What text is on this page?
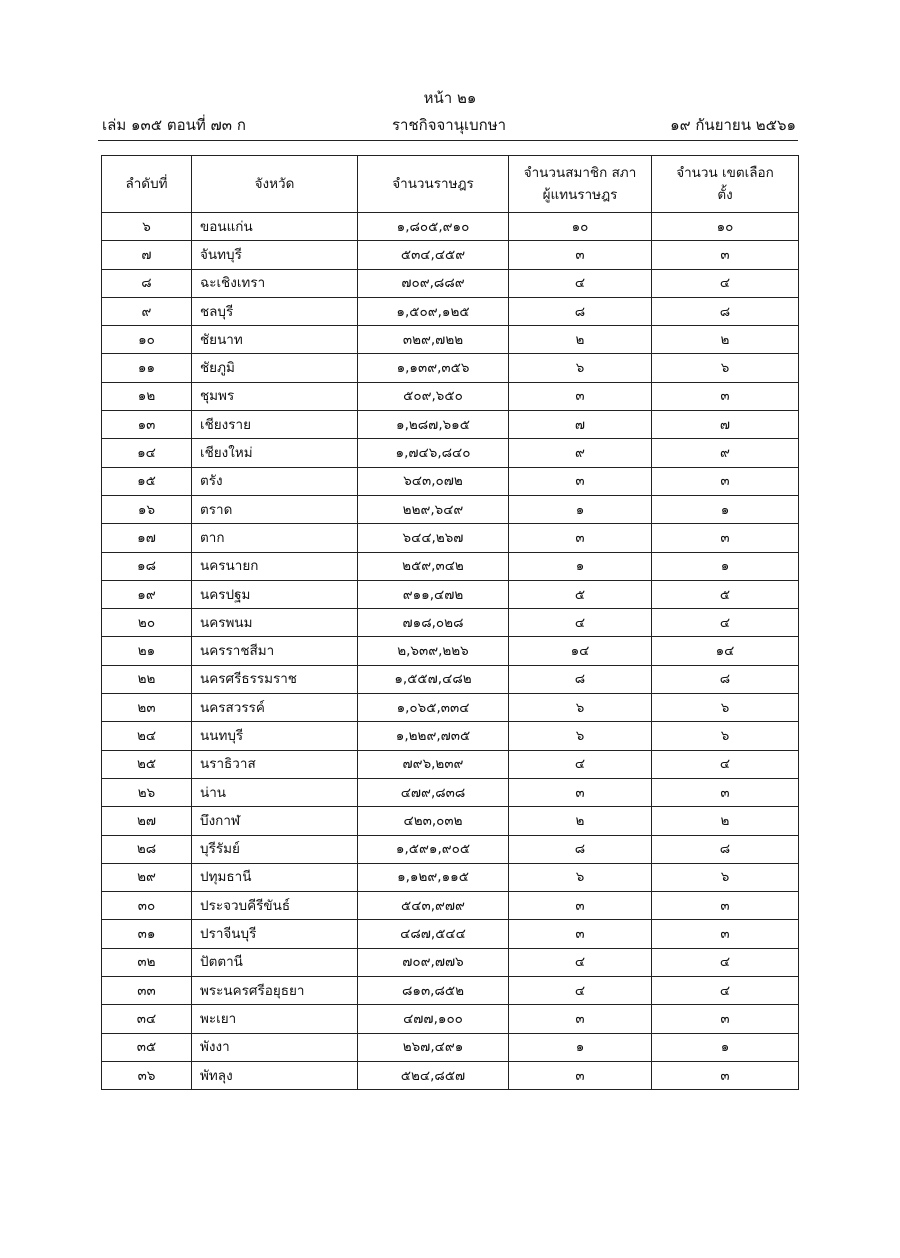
หน้า ๒๑
เล่ม ๑๓๕ ตอนที่ ๗๓ ก	ราชกิจจานุเบกษา	๑๙ กันยายน ๒๕๖๑
ลำดับที่	จังหวัด	จำนวนราษฎร	จำนวนสมาชิก สภาผู้แทนราษฎร	จำนวน เขตเลือกตั้ง

๖	ขอนแก่น	๑,๘๐๕,๙๑๐	๑๐	๑๐
๗	จันทบุรี	๕๓๔,๔๕๙	๓	๓
๘	ฉะเชิงเทรา	๗๐๙,๘๘๙	๔	๔
๙	ชลบุรี	๑,๕๐๙,๑๒๕	๘	๘
๑๐	ชัยนาท	๓๒๙,๗๒๒	๒	๒
๑๑	ชัยภูมิ	๑,๑๓๙,๓๕๖	๖	๖
๑๒	ชุมพร	๕๐๙,๖๕๐	๓	๓
๑๓	เชียงราย	๑,๒๘๗,๖๑๕	๗	๗
๑๔	เชียงใหม่	๑,๗๔๖,๘๔๐	๙	๙
๑๕	ตรัง	๖๔๓,๐๗๒	๓	๓
๑๖	ตราด	๒๒๙,๖๔๙	๑	๑
๑๗	ตาก	๖๔๔,๒๖๗	๓	๓
๑๘	นครนายก	๒๕๙,๓๔๒	๑	๑
๑๙	นครปฐม	๙๑๑,๔๗๒	๕	๕
๒๐	นครพนม	๗๑๘,๐๒๘	๔	๔
๒๑	นครราชสีมา	๒,๖๓๙,๒๒๖	๑๔	๑๔
๒๒	นครศรีธรรมราช	๑,๕๕๗,๔๘๒	๘	๘
๒๓	นครสวรรค์	๑,๐๖๕,๓๓๔	๖	๖
๒๔	นนทบุรี	๑,๒๒๙,๗๓๕	๖	๖
๒๕	นราธิวาส	๗๙๖,๒๓๙	๔	๔
๒๖	น่าน	๔๗๙,๘๓๘	๓	๓
๒๗	บึงกาฬ	๔๒๓,๐๓๒	๒	๒
๒๘	บุรีรัมย์	๑,๕๙๑,๙๐๕	๘	๘
๒๙	ปทุมธานี	๑,๑๒๙,๑๑๕	๖	๖
๓๐	ประจวบคีรีขันธ์	๕๔๓,๙๗๙	๓	๓
๓๑	ปราจีนบุรี	๔๘๗,๕๔๔	๓	๓
๓๒	ปัตตานี	๗๐๙,๗๗๖	๔	๔
๓๓	พระนครศรีอยุธยา	๘๑๓,๘๕๒	๔	๔
๓๔	พะเยา	๔๗๗,๑๐๐	๓	๓
๓๕	พังงา	๒๖๗,๔๙๑	๑	๑
๓๖	พัทลุง	๕๒๔,๘๕๗	๓	๓
